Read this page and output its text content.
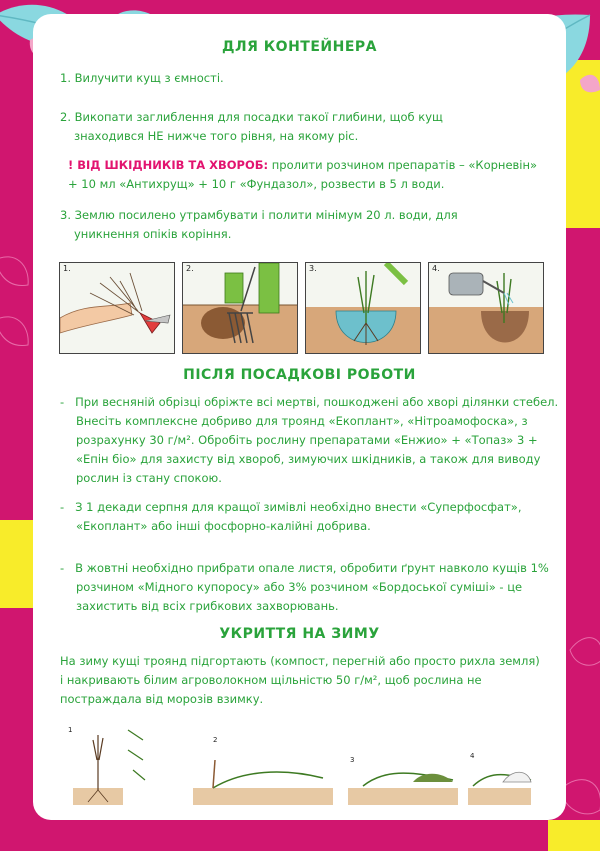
ДЛЯ КОНТЕЙНЕРА
1. Вилучити кущ з ємності.
2. Викопати заглиблення для посадки такої глибини, щоб кущ знаходився НЕ нижче того рівня, на якому ріс.
! ВІД ШКІДНИКІВ ТА ХВОРОБ: пролити розчином препаратів – «Корневін» + 10 мл «Антихрущ» + 10 г «Фундазол», розвести в 5 л води.
3. Землю посилено утрамбувати і полити мінімум 20 л. води, для уникнення опіків коріння.
1.	2.	3.	4.
ПІСЛЯ ПОСАДКОВІ РОБОТИ
-   При весняній обрізці обріжте всі мертві, пошкоджені або хворі ділянки стебел. Внесіть комплексне добриво для троянд «Екоплант», «Нітроамофоска», з розрахунку 30 г/м². Обробіть рослину препаратами «Енжио» + «Топаз» 3 + «Епін біо» для захисту від хвороб, зимуючих шкідників, а також для виводу рослин із стану спокою.
-   З 1 декади серпня для кращої зимівлі необхідно внести «Суперфосфат», «Екоплант» або інші фосфорно-калійні добрива.
-   В жовтні необхідно прибрати опале листя, обробити ґрунт навколо кущів 1% розчином «Мідного купоросу» або 3% розчином «Бордоської суміші» - це захистить від всіх грибкових захворювань.
УКРИТТЯ НА ЗИМУ
На зиму кущі троянд підгортають (компост, перегній або просто рихла земля) і накривають білим агроволокном щільністю 50 г/м², щоб рослина не постраждала від морозів взимку.
1
2
3	4
